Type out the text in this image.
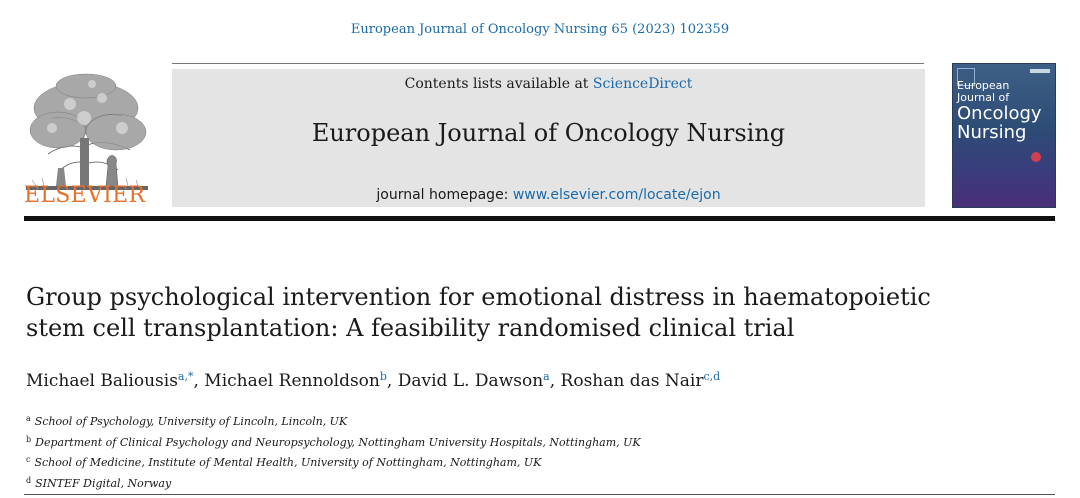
European Journal of Oncology Nursing 65 (2023) 102359
ELSEVIER
Contents lists available at ScienceDirect
European Journal of Oncology Nursing
journal homepage: www.elsevier.com/locate/ejon
European
Journal of
Oncology
Nursing
Group psychological intervention for emotional distress in haematopoietic
stem cell transplantation: A feasibility randomised clinical trial
Michael Baliousis$^{a,*}$, Michael Rennoldson$^b$, David L. Dawson$^a$, Roshan das Nair$^{c,d}$
$^a$ School of Psychology, University of Lincoln, Lincoln, UK
$^b$ Department of Clinical Psychology and Neuropsychology, Nottingham University Hospitals, Nottingham, UK
$^c$ School of Medicine, Institute of Mental Health, University of Nottingham, Nottingham, UK
$^d$ SINTEF Digital, Norway
